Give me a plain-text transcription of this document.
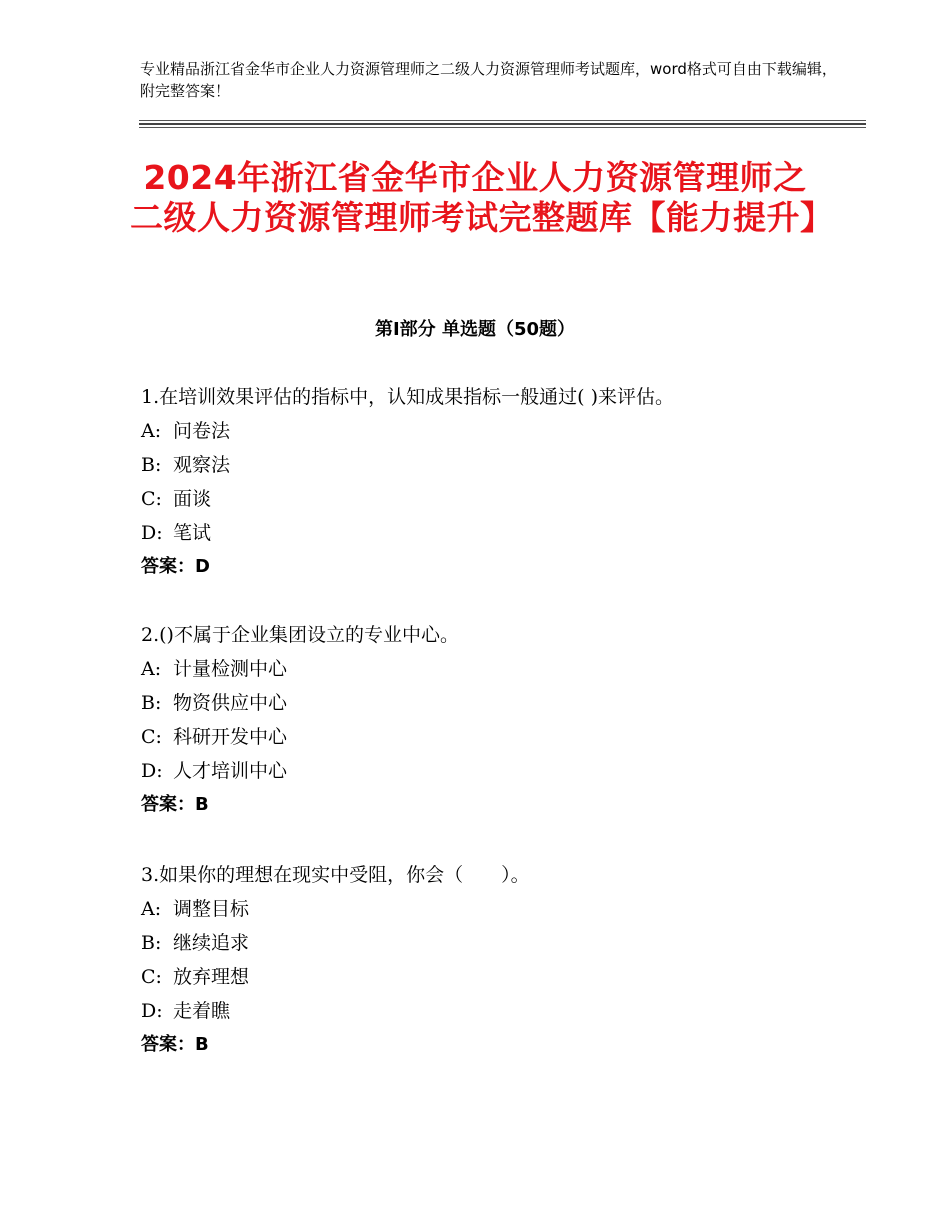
专业精品浙江省金华市企业人力资源管理师之二级人力资源管理师考试题库，word格式可自由下载编辑，附完整答案！
2024年浙江省金华市企业人力资源管理师之二级人力资源管理师考试完整题库【能力提升】
第Ⅰ部分 单选题（50题）
1.在培训效果评估的指标中，认知成果指标一般通过( )来评估。
A: 问卷法
B: 观察法
C: 面谈
D: 笔试
答案：D
2.()不属于企业集团设立的专业中心。
A: 计量检测中心
B: 物资供应中心
C: 科研开发中心
D: 人才培训中心
答案：B
3.如果你的理想在现实中受阻，你会（　　）。
A: 调整目标
B: 继续追求
C: 放弃理想
D: 走着瞧
答案：B
